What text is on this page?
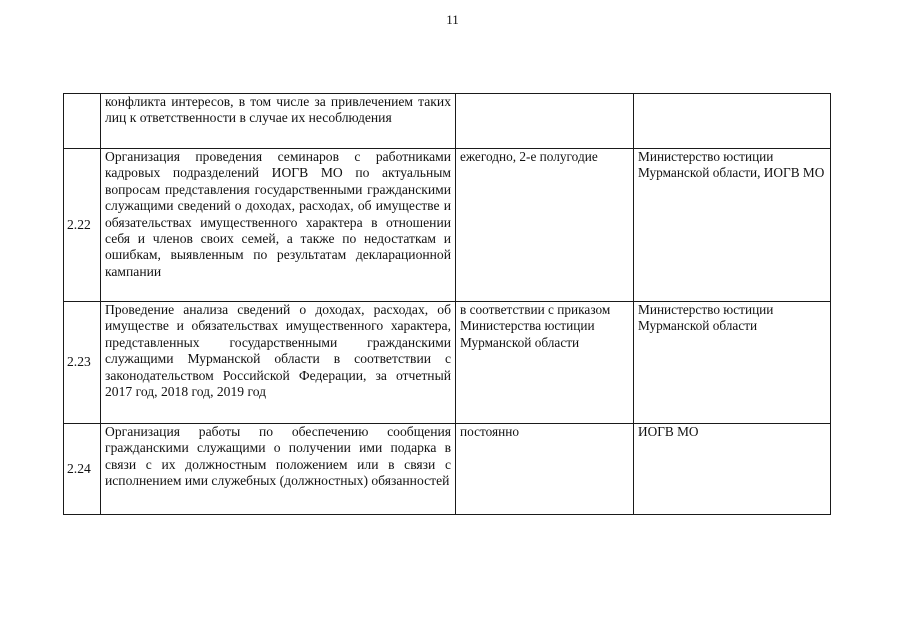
11
	конфликта интересов, в том числе за привлечением таких лиц к ответственности в случае их несоблюдения		
2.22	Организация проведения семинаров с работниками кадровых подразделений ИОГВ МО по актуальным вопросам представления государственными гражданскими служащими сведений о доходах, расходах, об имуществе и обязательствах имущественного характера в отношении себя и членов своих семей, а также по недостаткам и ошибкам, выявленным по результатам декларационной кампании	ежегодно, 2-е полугодие	Министерство юстиции Мурманской области, ИОГВ МО
2.23	Проведение анализа сведений о доходах, расходах, об имуществе и обязательствах имущественного характера, представленных государственными гражданскими служащими Мурманской области в соответствии с законодательством Российской Федерации, за отчетный 2017 год, 2018 год, 2019 год	в соответствии с приказом Министерства юстиции Мурманской области	Министерство юстиции Мурманской области
2.24	Организация работы по обеспечению сообщения гражданскими служащими о получении ими подарка в связи с их должностным положением или в связи с исполнением ими служебных (должностных) обязанностей	постоянно	ИОГВ МО
